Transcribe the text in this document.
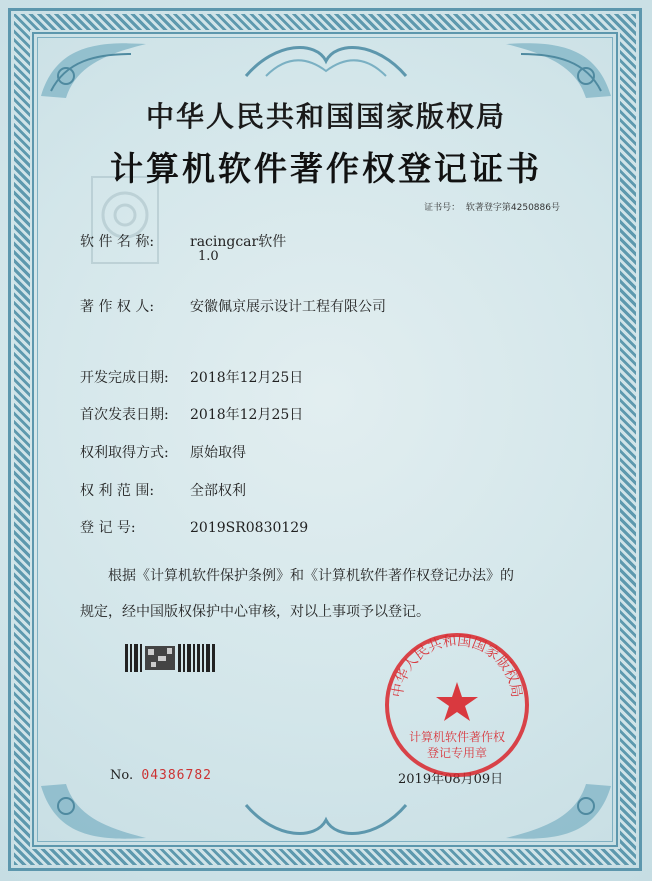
中华人民共和国国家版权局
计算机软件著作权登记证书
证书号： 软著登字第4250886号
软 件 名 称:	racingcar软件
1.0
著 作 权 人:	安徽佩京展示设计工程有限公司
开发完成日期: 2018年12月25日
首次发表日期: 2018年12月25日
权利取得方式: 原始取得
权 利 范 围:	全部权利
登 记 号:	2019SR0830129
根据《计算机软件保护条例》和《计算机软件著作权登记办法》的
规定，经中国版权保护中心审核，对以上事项予以登记。
No. 04386782	2019年08月09日
中华人民共和国国家版权局
计算机软件著作权
登记专用章
